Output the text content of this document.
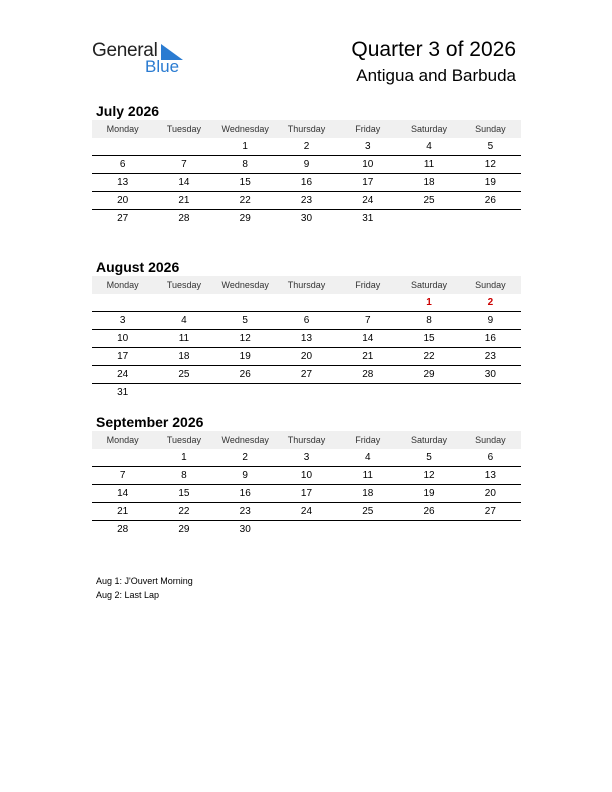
General
Blue
Quarter 3 of 2026
Antigua and Barbuda
July 2026
Monday	Tuesday	Wednesday	Thursday	Friday	Saturday	Sunday
		1	2	3	4	5
6	7	8	9	10	11	12
13	14	15	16	17	18	19
20	21	22	23	24	25	26
27	28	29	30	31		
August 2026
Monday	Tuesday	Wednesday	Thursday	Friday	Saturday	Sunday
					1	2
3	4	5	6	7	8	9
10	11	12	13	14	15	16
17	18	19	20	21	22	23
24	25	26	27	28	29	30
31						
September 2026
Monday	Tuesday	Wednesday	Thursday	Friday	Saturday	Sunday
	1	2	3	4	5	6
7	8	9	10	11	12	13
14	15	16	17	18	19	20
21	22	23	24	25	26	27
28	29	30				
Aug 1: J'Ouvert Morning
Aug 2: Last Lap
